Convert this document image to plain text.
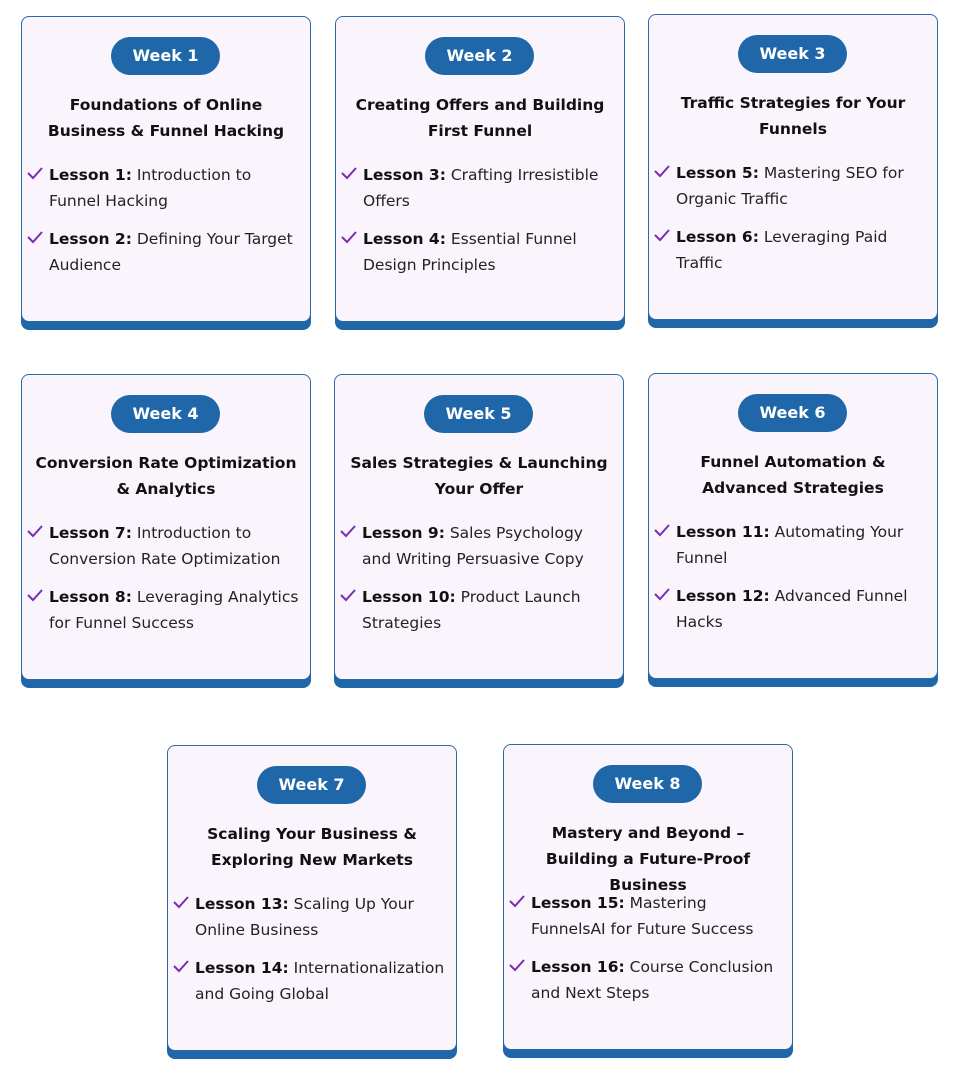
Week 1
Foundations of Online Business & Funnel Hacking
Lesson 1: Introduction to Funnel Hacking
Lesson 2: Defining Your Target Audience
Week 2
Creating Offers and Building First Funnel
Lesson 3: Crafting Irresistible Offers
Lesson 4: Essential Funnel Design Principles
Week 3
Traffic Strategies for Your Funnels
Lesson 5: Mastering SEO for Organic Traffic
Lesson 6: Leveraging Paid Traffic
Week 4
Conversion Rate Optimization & Analytics
Lesson 7: Introduction to Conversion Rate Optimization
Lesson 8: Leveraging Analytics for Funnel Success
Week 5
Sales Strategies & Launching Your Offer
Lesson 9: Sales Psychology and Writing Persuasive Copy
Lesson 10: Product Launch Strategies
Week 6
Funnel Automation & Advanced Strategies
Lesson 11: Automating Your Funnel
Lesson 12: Advanced Funnel Hacks
Week 7
Scaling Your Business & Exploring New Markets
Lesson 13: Scaling Up Your Online Business
Lesson 14: Internationalization and Going Global
Week 8
Mastery and Beyond – Building a Future-Proof Business
Lesson 15: Mastering FunnelsAI for Future Success
Lesson 16: Course Conclusion and Next Steps
